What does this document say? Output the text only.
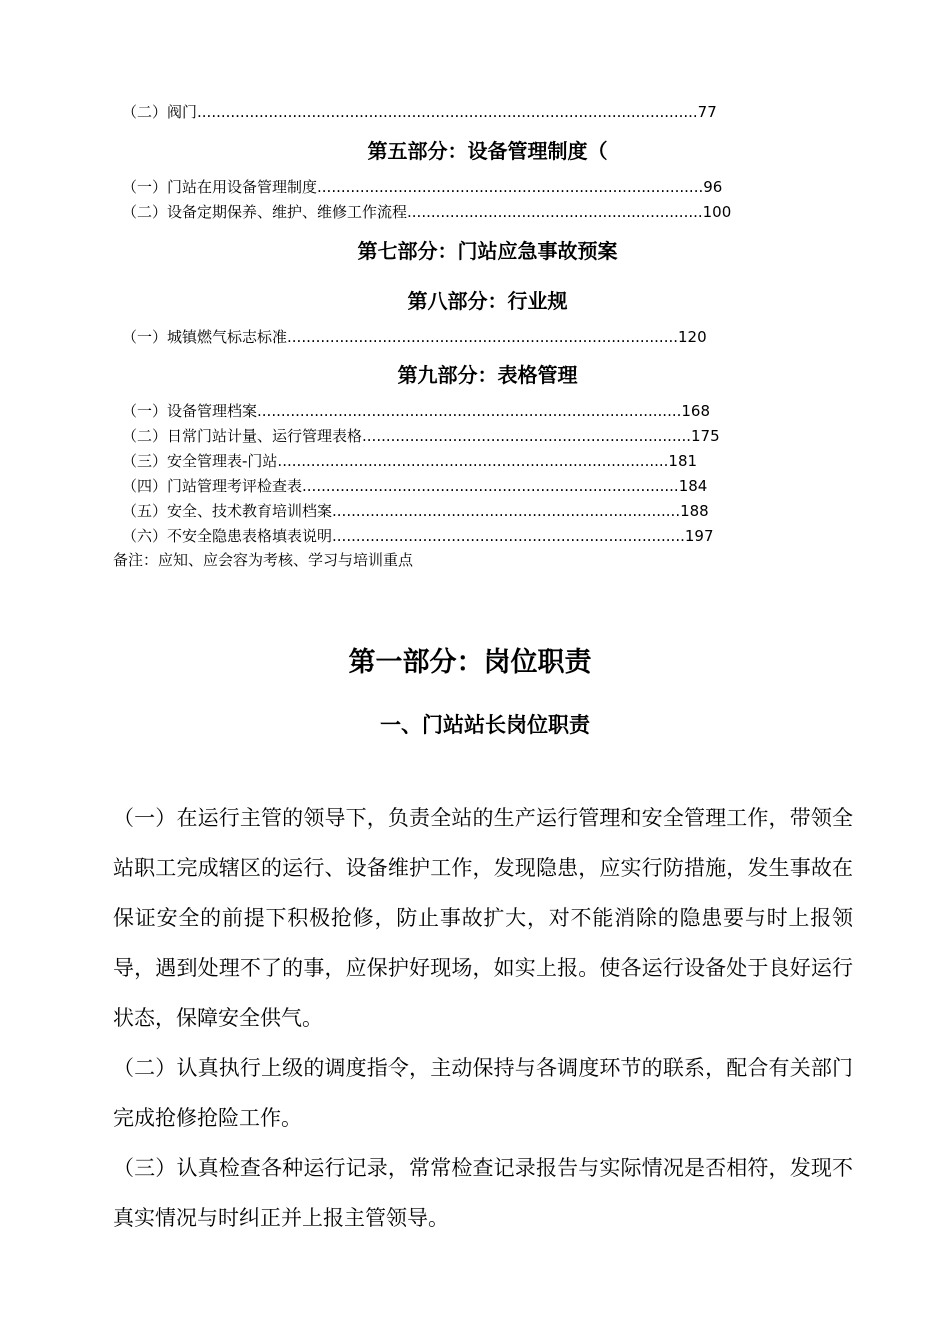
（二）阀门.........................................................................................................77
第五部分：设备管理制度（
（一）门站在用设备管理制度.................................................................................96
（二）设备定期保养、维护、维修工作流程..............................................................100
第七部分：门站应急事故预案
第八部分：行业规
（一）城镇燃气标志标准..................................................................................120
第九部分：表格管理
（一）设备管理档案.........................................................................................168
（二）日常门站计量、运行管理表格.....................................................................175
（三）安全管理表-门站..................................................................................181
（四）门站管理考评检查表...............................................................................184
（五）安全、技术教育培训档案.........................................................................188
（六）不安全隐患表格填表说明..........................................................................197
备注：应知、应会容为考核、学习与培训重点
第一部分：岗位职责
一、门站站长岗位职责
（一）在运行主管的领导下，负责全站的生产运行管理和安全管理工作，带领全站职工完成辖区的运行、设备维护工作，发现隐患，应实行防措施，发生事故在保证安全的前提下积极抢修，防止事故扩大，对不能消除的隐患要与时上报领导，遇到处理不了的事，应保护好现场，如实上报。使各运行设备处于良好运行状态，保障安全供气。
（二）认真执行上级的调度指令，主动保持与各调度环节的联系，配合有关部门完成抢修抢险工作。
（三）认真检查各种运行记录，常常检查记录报告与实际情况是否相符，发现不真实情况与时纠正并上报主管领导。
